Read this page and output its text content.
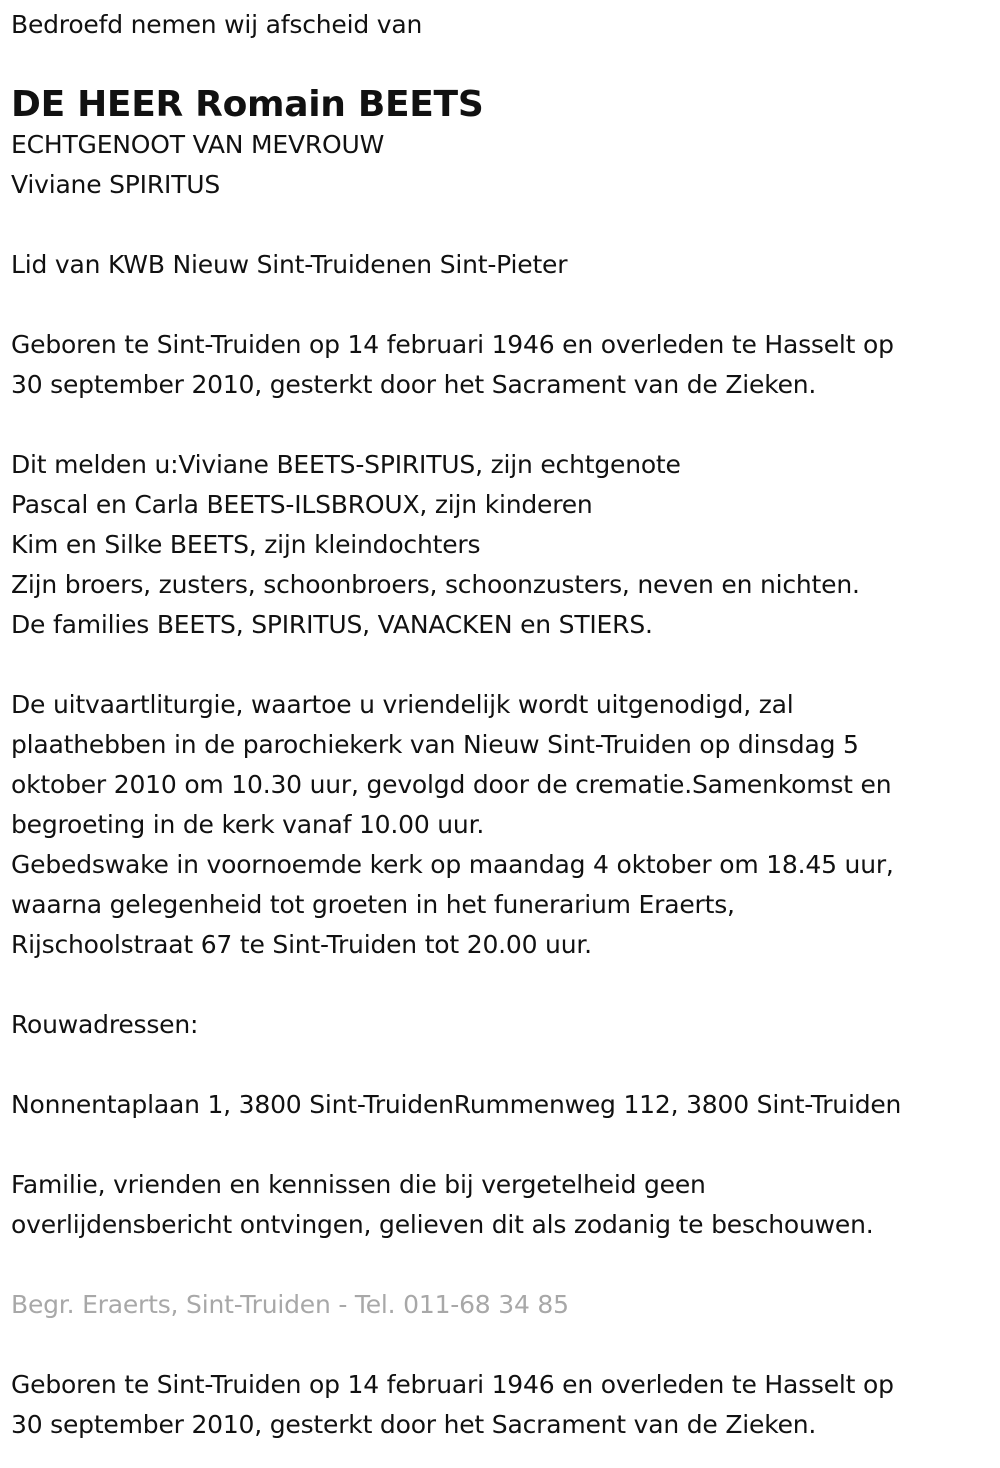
Bedroefd nemen wij afscheid van
DE HEER Romain BEETS
ECHTGENOOT VAN MEVROUW
Viviane SPIRITUS
Lid van KWB Nieuw Sint-Truidenen Sint-Pieter
Geboren te Sint-Truiden op 14 februari 1946 en overleden te Hasselt op
30 september 2010, gesterkt door het Sacrament van de Zieken.
Dit melden u:Viviane BEETS-SPIRITUS, zijn echtgenote
Pascal en Carla BEETS-ILSBROUX, zijn kinderen
Kim en Silke BEETS, zijn kleindochters
Zijn broers, zusters, schoonbroers, schoonzusters, neven en nichten.
De families BEETS, SPIRITUS, VANACKEN en STIERS.
De uitvaartliturgie, waartoe u vriendelijk wordt uitgenodigd, zal
plaathebben in de parochiekerk van Nieuw Sint-Truiden op dinsdag 5
oktober 2010 om 10.30 uur, gevolgd door de crematie.Samenkomst en
begroeting in de kerk vanaf 10.00 uur.
Gebedswake in voornoemde kerk op maandag 4 oktober om 18.45 uur,
waarna gelegenheid tot groeten in het funerarium Eraerts,
Rijschoolstraat 67 te Sint-Truiden tot 20.00 uur.
Rouwadressen:
Nonnentaplaan 1, 3800 Sint-TruidenRummenweg 112, 3800 Sint-Truiden
Familie, vrienden en kennissen die bij vergetelheid geen
overlijdensbericht ontvingen, gelieven dit als zodanig te beschouwen.
Begr. Eraerts, Sint-Truiden - Tel. 011-68 34 85
Geboren te Sint-Truiden op 14 februari 1946 en overleden te Hasselt op
30 september 2010, gesterkt door het Sacrament van de Zieken.
